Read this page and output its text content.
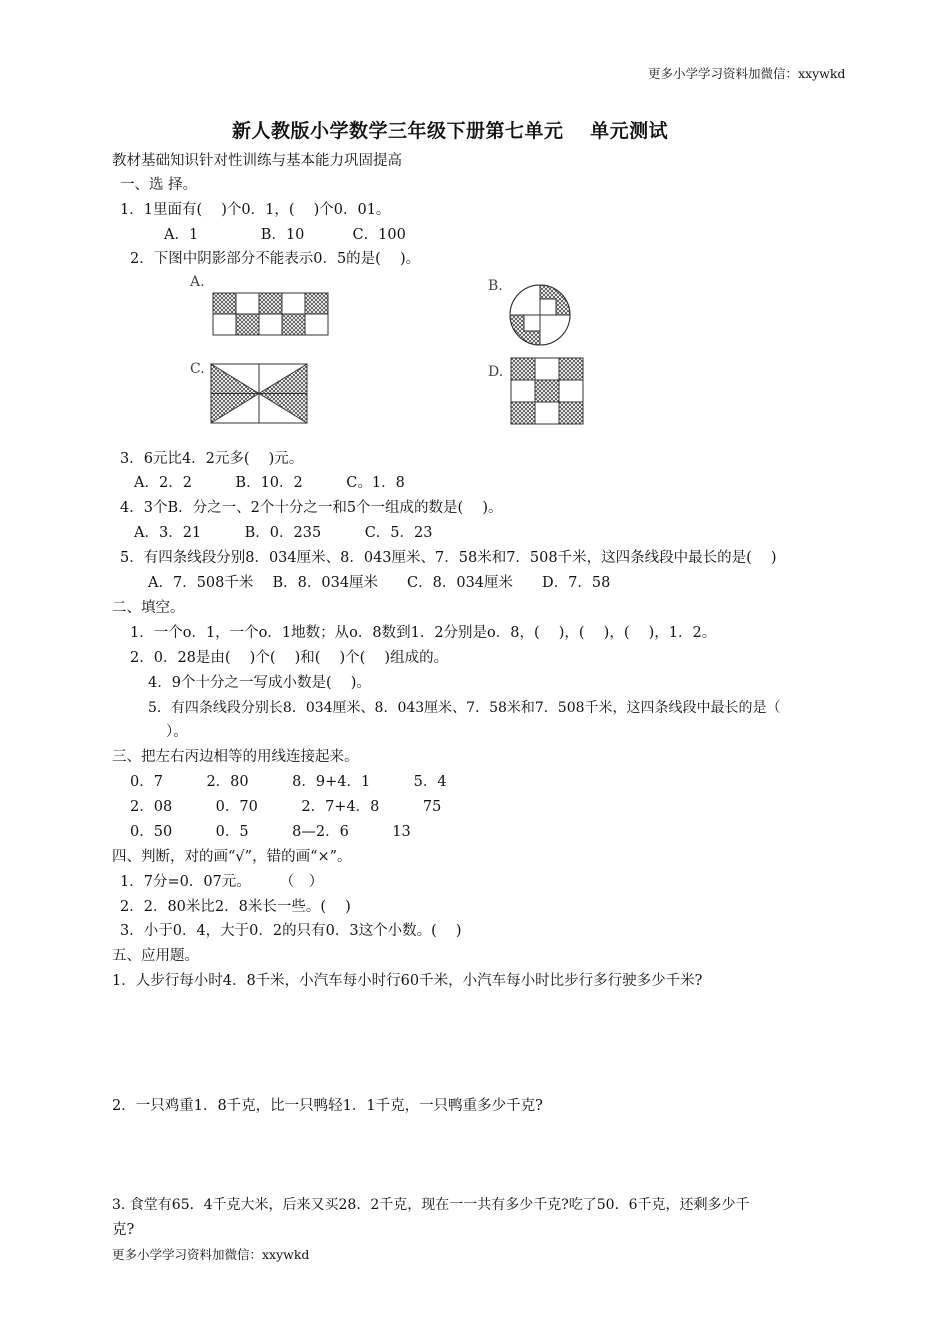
更多小学学习资料加微信：xxywkd
新人教版小学数学三年级下册第七单元　 单元测试
教材基础知识针对性训练与基本能力巩固提高
一、选 择。
1．1里面有(　 )个0．1，(　 )个0．01。
A．1　　　　 B．10　　　 C．100
2．下图中阴影部分不能表示0．5的是(　 )。
A.	B.
C.	D.
3．6元比4．2元多(　 )元。
A．2．2　　　B．10．2　　　C。1．8
4．3个B．分之一、2个十分之一和5个一组成的数是(　 )。
A．3．21　　　B．0．235　　　C．5．23
5．有四条线段分别8．034厘米、8．043厘米、7．58米和7．508千米，这四条线段中最长的是(　 )
A．7．508千米　 B．8．034厘米　　C．8．034厘米　　D．7．58
二、填空。
1．一个o．1，一个o．1地数；从o．8数到1．2分别是o．8，(　 )，(　 )，(　 )，1．2。
2．0．28是由(　 )个(　 )和(　 )个(　 )组成的。
4．9个十分之一写成小数是(　 )。
5．有四条线段分别长8．034厘米、8．043厘米、7．58米和7．508千米，这四条线段中最长的是（
）。
三、把左右丙边相等的用线连接起来。
0．7　　　2．80　　　8．9+4．1　　　5．4
2．08　　　0．70　　　2．7+4．8　　　75
0．50　　　0．5　　　8—2．6　　　13
四、判断，对的画“√”，错的画“×”。
1．7分=0．07元。　　　（　）
2．2．80米比2．8米长一些。(　 )
3．小于0．4，大于0．2的只有0．3这个小数。(　 )
五、应用题。
1．人步行每小时4．8千米，小汽车每小时行60千米，小汽车每小时比步行多行驶多少千米?
2．一只鸡重1．8千克，比一只鸭轻1．1千克，一只鸭重多少千克?
3. 食堂有65．4千克大米，后来又买28．2千克，现在一一共有多少千克?吃了50．6千克，还剩多少千
克?
更多小学学习资料加微信：xxywkd
